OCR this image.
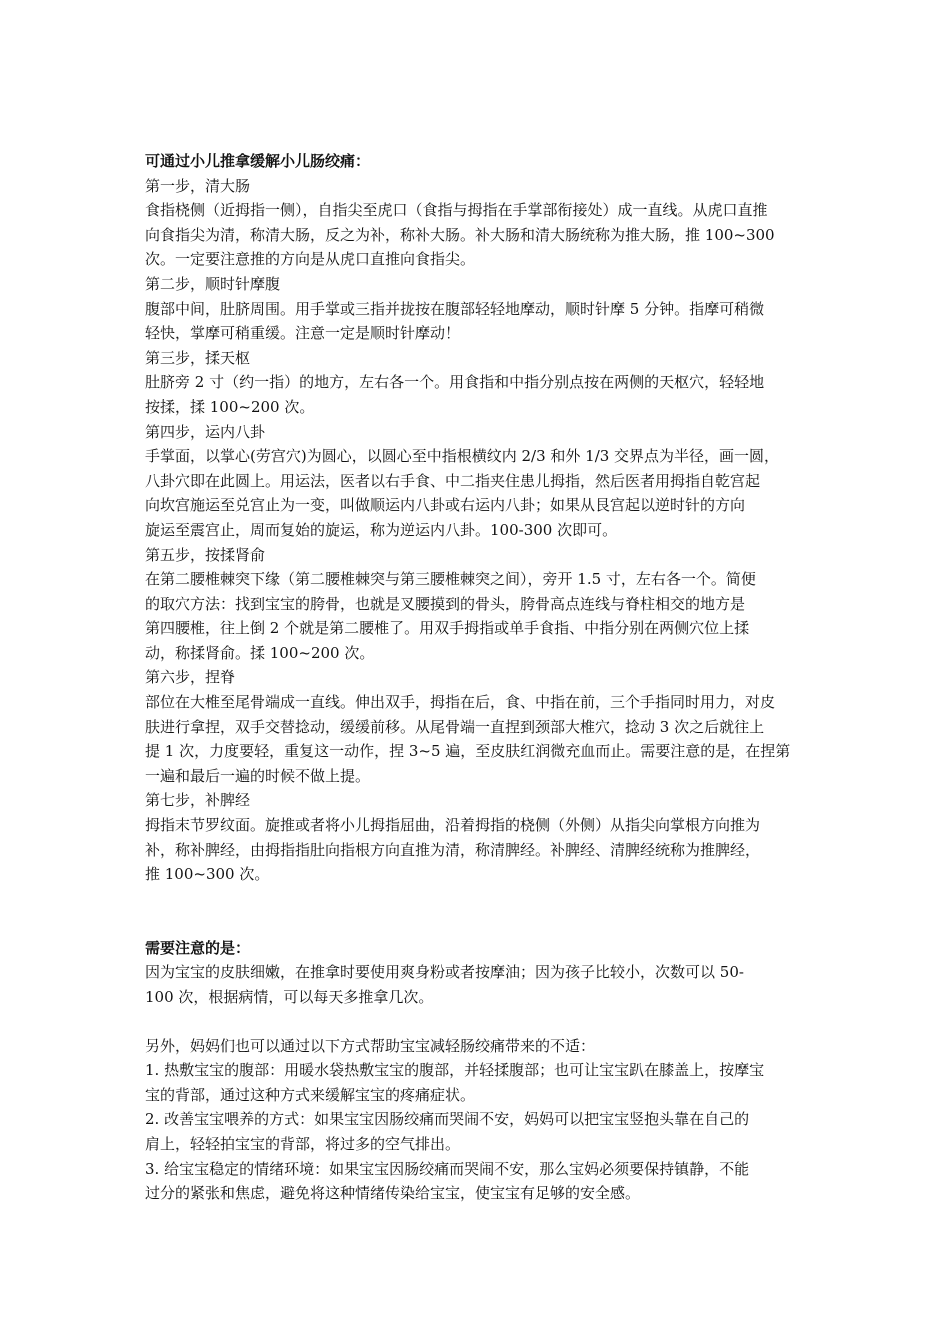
可通过小儿推拿缓解小儿肠绞痛：

第一步，清大肠

食指桡侧（近拇指一侧），自指尖至虎口（食指与拇指在手掌部衔接处）成一直线。从虎口直推

向食指尖为清，称清大肠，反之为补，称补大肠。补大肠和清大肠统称为推大肠，推 100~300

次。一定要注意推的方向是从虎口直推向食指尖。

第二步，顺时针摩腹

腹部中间，肚脐周围。用手掌或三指并拢按在腹部轻轻地摩动，顺时针摩 5 分钟。指摩可稍微

轻快，掌摩可稍重缓。注意一定是顺时针摩动！

第三步，揉天枢

肚脐旁 2 寸（约一指）的地方，左右各一个。用食指和中指分别点按在两侧的天枢穴，轻轻地

按揉，揉 100~200 次。

第四步，运内八卦

手掌面，以掌心(劳宫穴)为圆心，以圆心至中指根横纹内 2/3 和外 1/3 交界点为半径，画一圆，

八卦穴即在此圆上。用运法，医者以右手食、中二指夹住患儿拇指，然后医者用拇指自乾宫起

向坎宫施运至兑宫止为一变，叫做顺运内八卦或右运内八卦；如果从艮宫起以逆时针的方向

旋运至震宫止，周而复始的旋运，称为逆运内八卦。100-300 次即可。

第五步，按揉肾俞

在第二腰椎棘突下缘（第二腰椎棘突与第三腰椎棘突之间），旁开 1.5 寸，左右各一个。简便

的取穴方法：找到宝宝的胯骨，也就是叉腰摸到的骨头，胯骨高点连线与脊柱相交的地方是

第四腰椎，往上倒 2 个就是第二腰椎了。用双手拇指或单手食指、中指分别在两侧穴位上揉

动，称揉肾俞。揉 100~200 次。

第六步，捏脊

部位在大椎至尾骨端成一直线。伸出双手，拇指在后，食、中指在前，三个手指同时用力，对皮

肤进行拿捏，双手交替捻动，缓缓前移。从尾骨端一直捏到颈部大椎穴，捻动 3 次之后就往上

提 1 次，力度要轻，重复这一动作，捏 3~5 遍，至皮肤红润微充血而止。需要注意的是，在捏第

一遍和最后一遍的时候不做上提。

第七步，补脾经

拇指末节罗纹面。旋推或者将小儿拇指屈曲，沿着拇指的桡侧（外侧）从指尖向掌根方向推为

补，称补脾经，由拇指指肚向指根方向直推为清，称清脾经。补脾经、清脾经统称为推脾经，

推 100~300 次。

需要注意的是：

因为宝宝的皮肤细嫩，在推拿时要使用爽身粉或者按摩油；因为孩子比较小，次数可以 50-

100 次，根据病情，可以每天多推拿几次。

另外，妈妈们也可以通过以下方式帮助宝宝减轻肠绞痛带来的不适：

1. 热敷宝宝的腹部：用暖水袋热敷宝宝的腹部，并轻揉腹部；也可让宝宝趴在膝盖上，按摩宝

宝的背部，通过这种方式来缓解宝宝的疼痛症状。

2. 改善宝宝喂养的方式：如果宝宝因肠绞痛而哭闹不安，妈妈可以把宝宝竖抱头靠在自己的

肩上，轻轻拍宝宝的背部，将过多的空气排出。

3. 给宝宝稳定的情绪环境：如果宝宝因肠绞痛而哭闹不安，那么宝妈必须要保持镇静，不能

过分的紧张和焦虑，避免将这种情绪传染给宝宝，使宝宝有足够的安全感。
